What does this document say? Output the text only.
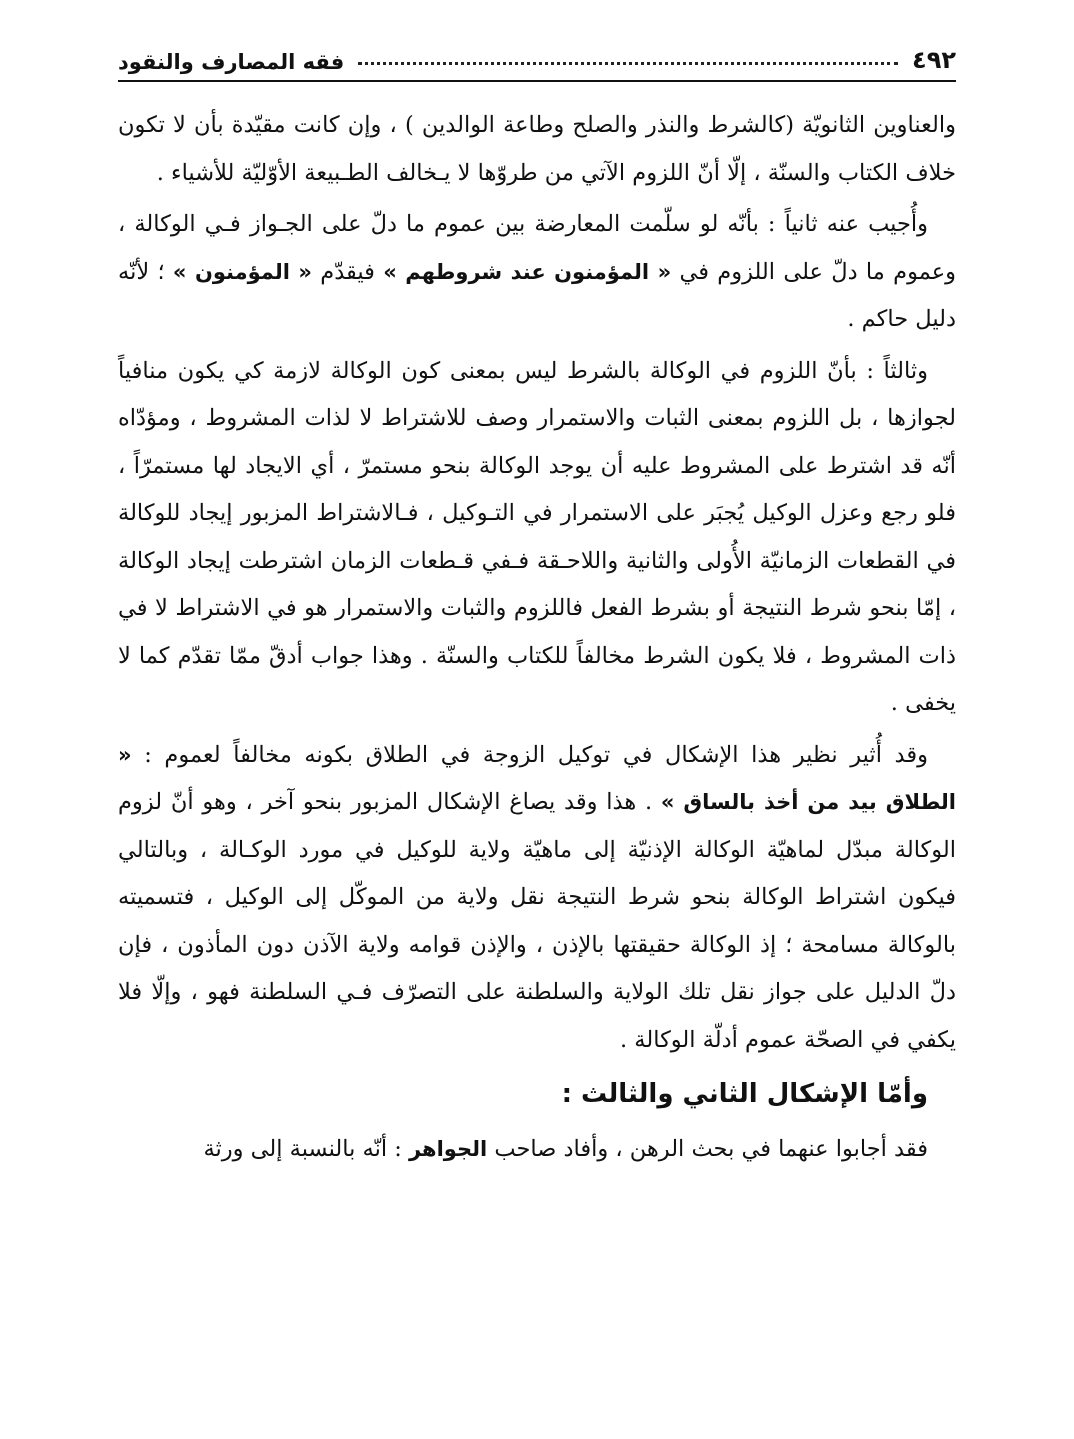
٤٩٢
فقه المصارف والنقود

والعناوين الثانويّة (كالشرط والنذر والصلح وطاعة الوالدين ) ، وإن كانت مقيّدة بأن لا تكون خلاف الكتاب والسنّة ، إلّا أنّ اللزوم الآتي من طروّها لا يـخالف الطـبيعة الأوّليّة للأشياء .

وأُجيب عنه ثانياً : بأنّه لو سلّمت المعارضة بين عموم ما دلّ على الجـواز فـي الوكالة ، وعموم ما دلّ على اللزوم في « المؤمنون عند شروطهم » فيقدّم « المؤمنون » ؛ لأنّه دليل حاكم .

وثالثاً : بأنّ اللزوم في الوكالة بالشرط ليس بمعنى كون الوكالة لازمة كي يكون منافياً لجوازها ، بل اللزوم بمعنى الثبات والاستمرار وصف للاشتراط لا لذات المشروط ، ومؤدّاه أنّه قد اشترط على المشروط عليه أن يوجد الوكالة بنحو مستمرّ ، أي الايجاد لها مستمرّاً ، فلو رجع وعزل الوكيل يُجبَر على الاستمرار في التـوكيل ، فـالاشتراط المزبور إيجاد للوكالة في القطعات الزمانيّة الأُولى والثانية واللاحـقة فـفي قـطعات الزمان اشترطت إيجاد الوكالة ، إمّا بنحو شرط النتيجة أو بشرط الفعل فاللزوم والثبات والاستمرار هو في الاشتراط لا في ذات المشروط ، فلا يكون الشرط مخالفاً للكتاب والسنّة . وهذا جواب أدقّ ممّا تقدّم كما لا يخفى .

وقد أُثير نظير هذا الإشكال في توكيل الزوجة في الطلاق بكونه مخالفاً لعموم : « الطلاق بيد من أخذ بالساق » . هذا وقد يصاغ الإشكال المزبور بنحو آخر ، وهو أنّ لزوم الوكالة مبدّل لماهيّة الوكالة الإذنيّة إلى ماهيّة ولاية للوكيل في مورد الوكـالة ، وبالتالي فيكون اشتراط الوكالة بنحو شرط النتيجة نقل ولاية من الموكّل إلى الوكيل ، فتسميته بالوكالة مسامحة ؛ إذ الوكالة حقيقتها بالإذن ، والإذن قوامه ولاية الآذن دون المأذون ، فإن دلّ الدليل على جواز نقل تلك الولاية والسلطنة على التصرّف فـي السلطنة فهو ، وإلّا فلا يكفي في الصحّة عموم أدلّة الوكالة .

وأمّا الإشكال الثاني والثالث :

فقد أجابوا عنهما في بحث الرهن ، وأفاد صاحب الجواهر : أنّه بالنسبة إلى ورثة
